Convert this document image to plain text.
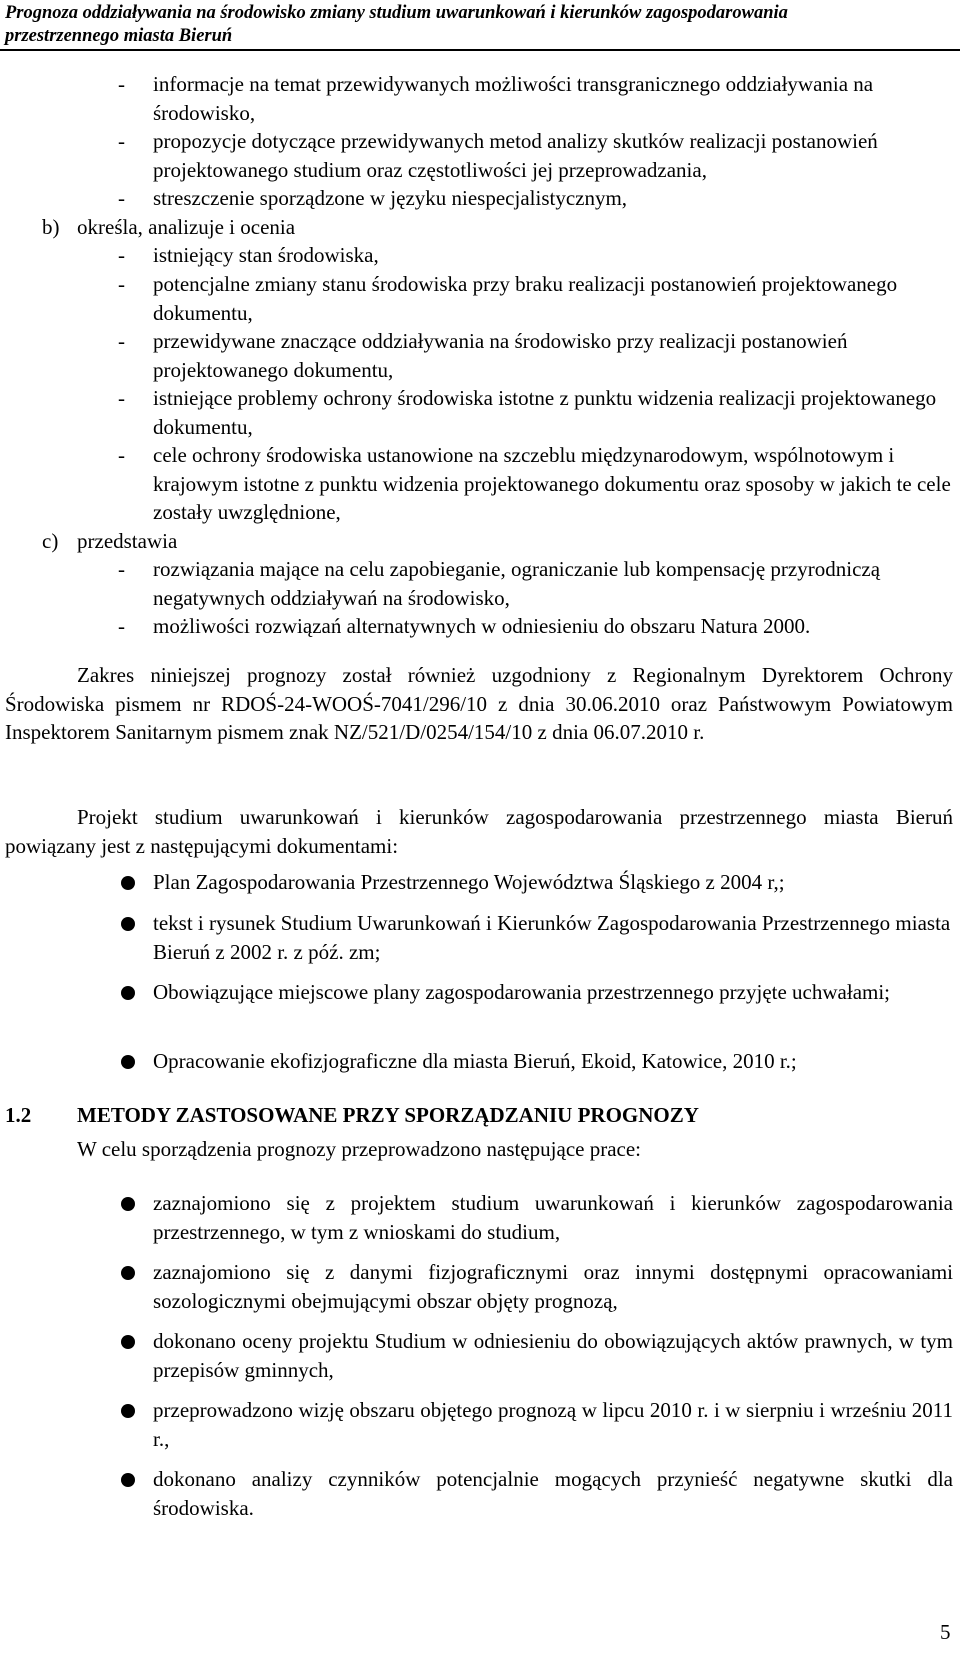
Prognoza oddziaływania na środowisko zmiany studium uwarunkowań i kierunków zagospodarowania
przestrzennego miasta Bieruń
- informacje na temat przewidywanych możliwości transgranicznego oddziaływania na środowisko,
- propozycje dotyczące przewidywanych metod analizy skutków realizacji postanowień projektowanego studium oraz częstotliwości jej przeprowadzania,
- streszczenie sporządzone w języku niespecjalistycznym,
b) określa, analizuje i ocenia
- istniejący stan środowiska,
- potencjalne zmiany stanu środowiska przy braku realizacji postanowień projektowanego dokumentu,
- przewidywane znaczące oddziaływania na środowisko przy realizacji postanowień projektowanego dokumentu,
- istniejące problemy ochrony środowiska istotne z punktu widzenia realizacji projektowanego dokumentu,
- cele ochrony środowiska ustanowione na szczeblu międzynarodowym, wspólnotowym i krajowym istotne z punktu widzenia projektowanego dokumentu oraz sposoby w jakich te cele zostały uwzględnione,
c) przedstawia
- rozwiązania mające na celu zapobieganie, ograniczanie lub kompensację przyrodniczą negatywnych oddziaływań na środowisko,
- możliwości rozwiązań alternatywnych w odniesieniu do obszaru Natura 2000.
Zakres niniejszej prognozy został również uzgodniony z Regionalnym Dyrektorem Ochrony Środowiska pismem nr RDOŚ-24-WOOŚ-7041/296/10 z dnia 30.06.2010 oraz Państwowym Powiatowym Inspektorem Sanitarnym pismem znak NZ/521/D/0254/154/10 z dnia 06.07.2010 r.
Projekt studium uwarunkowań i kierunków zagospodarowania przestrzennego miasta Bieruń powiązany jest z następującymi dokumentami:
Plan Zagospodarowania Przestrzennego Województwa Śląskiego z 2004 r,;
tekst i rysunek Studium Uwarunkowań i Kierunków Zagospodarowania Przestrzennego miasta Bieruń z 2002 r. z póź. zm;
Obowiązujące miejscowe plany zagospodarowania przestrzennego przyjęte uchwałami;
Opracowanie ekofizjograficzne dla miasta Bieruń, Ekoid, Katowice, 2010 r.;
1.2 METODY ZASTOSOWANE PRZY SPORZĄDZANIU PROGNOZY
W celu sporządzenia prognozy przeprowadzono następujące prace:
zaznajomiono się z projektem studium uwarunkowań i kierunków zagospodarowania przestrzennego, w tym z wnioskami do studium,
zaznajomiono się z danymi fizjograficznymi oraz innymi dostępnymi opracowaniami sozologicznymi obejmującymi obszar objęty prognozą,
dokonano oceny projektu Studium w odniesieniu do obowiązujących aktów prawnych, w tym przepisów gminnych,
przeprowadzono wizję obszaru objętego prognozą w lipcu 2010 r. i w sierpniu i wrześniu 2011 r.,
dokonano analizy czynników potencjalnie mogących przynieść negatywne skutki dla środowiska.
5
